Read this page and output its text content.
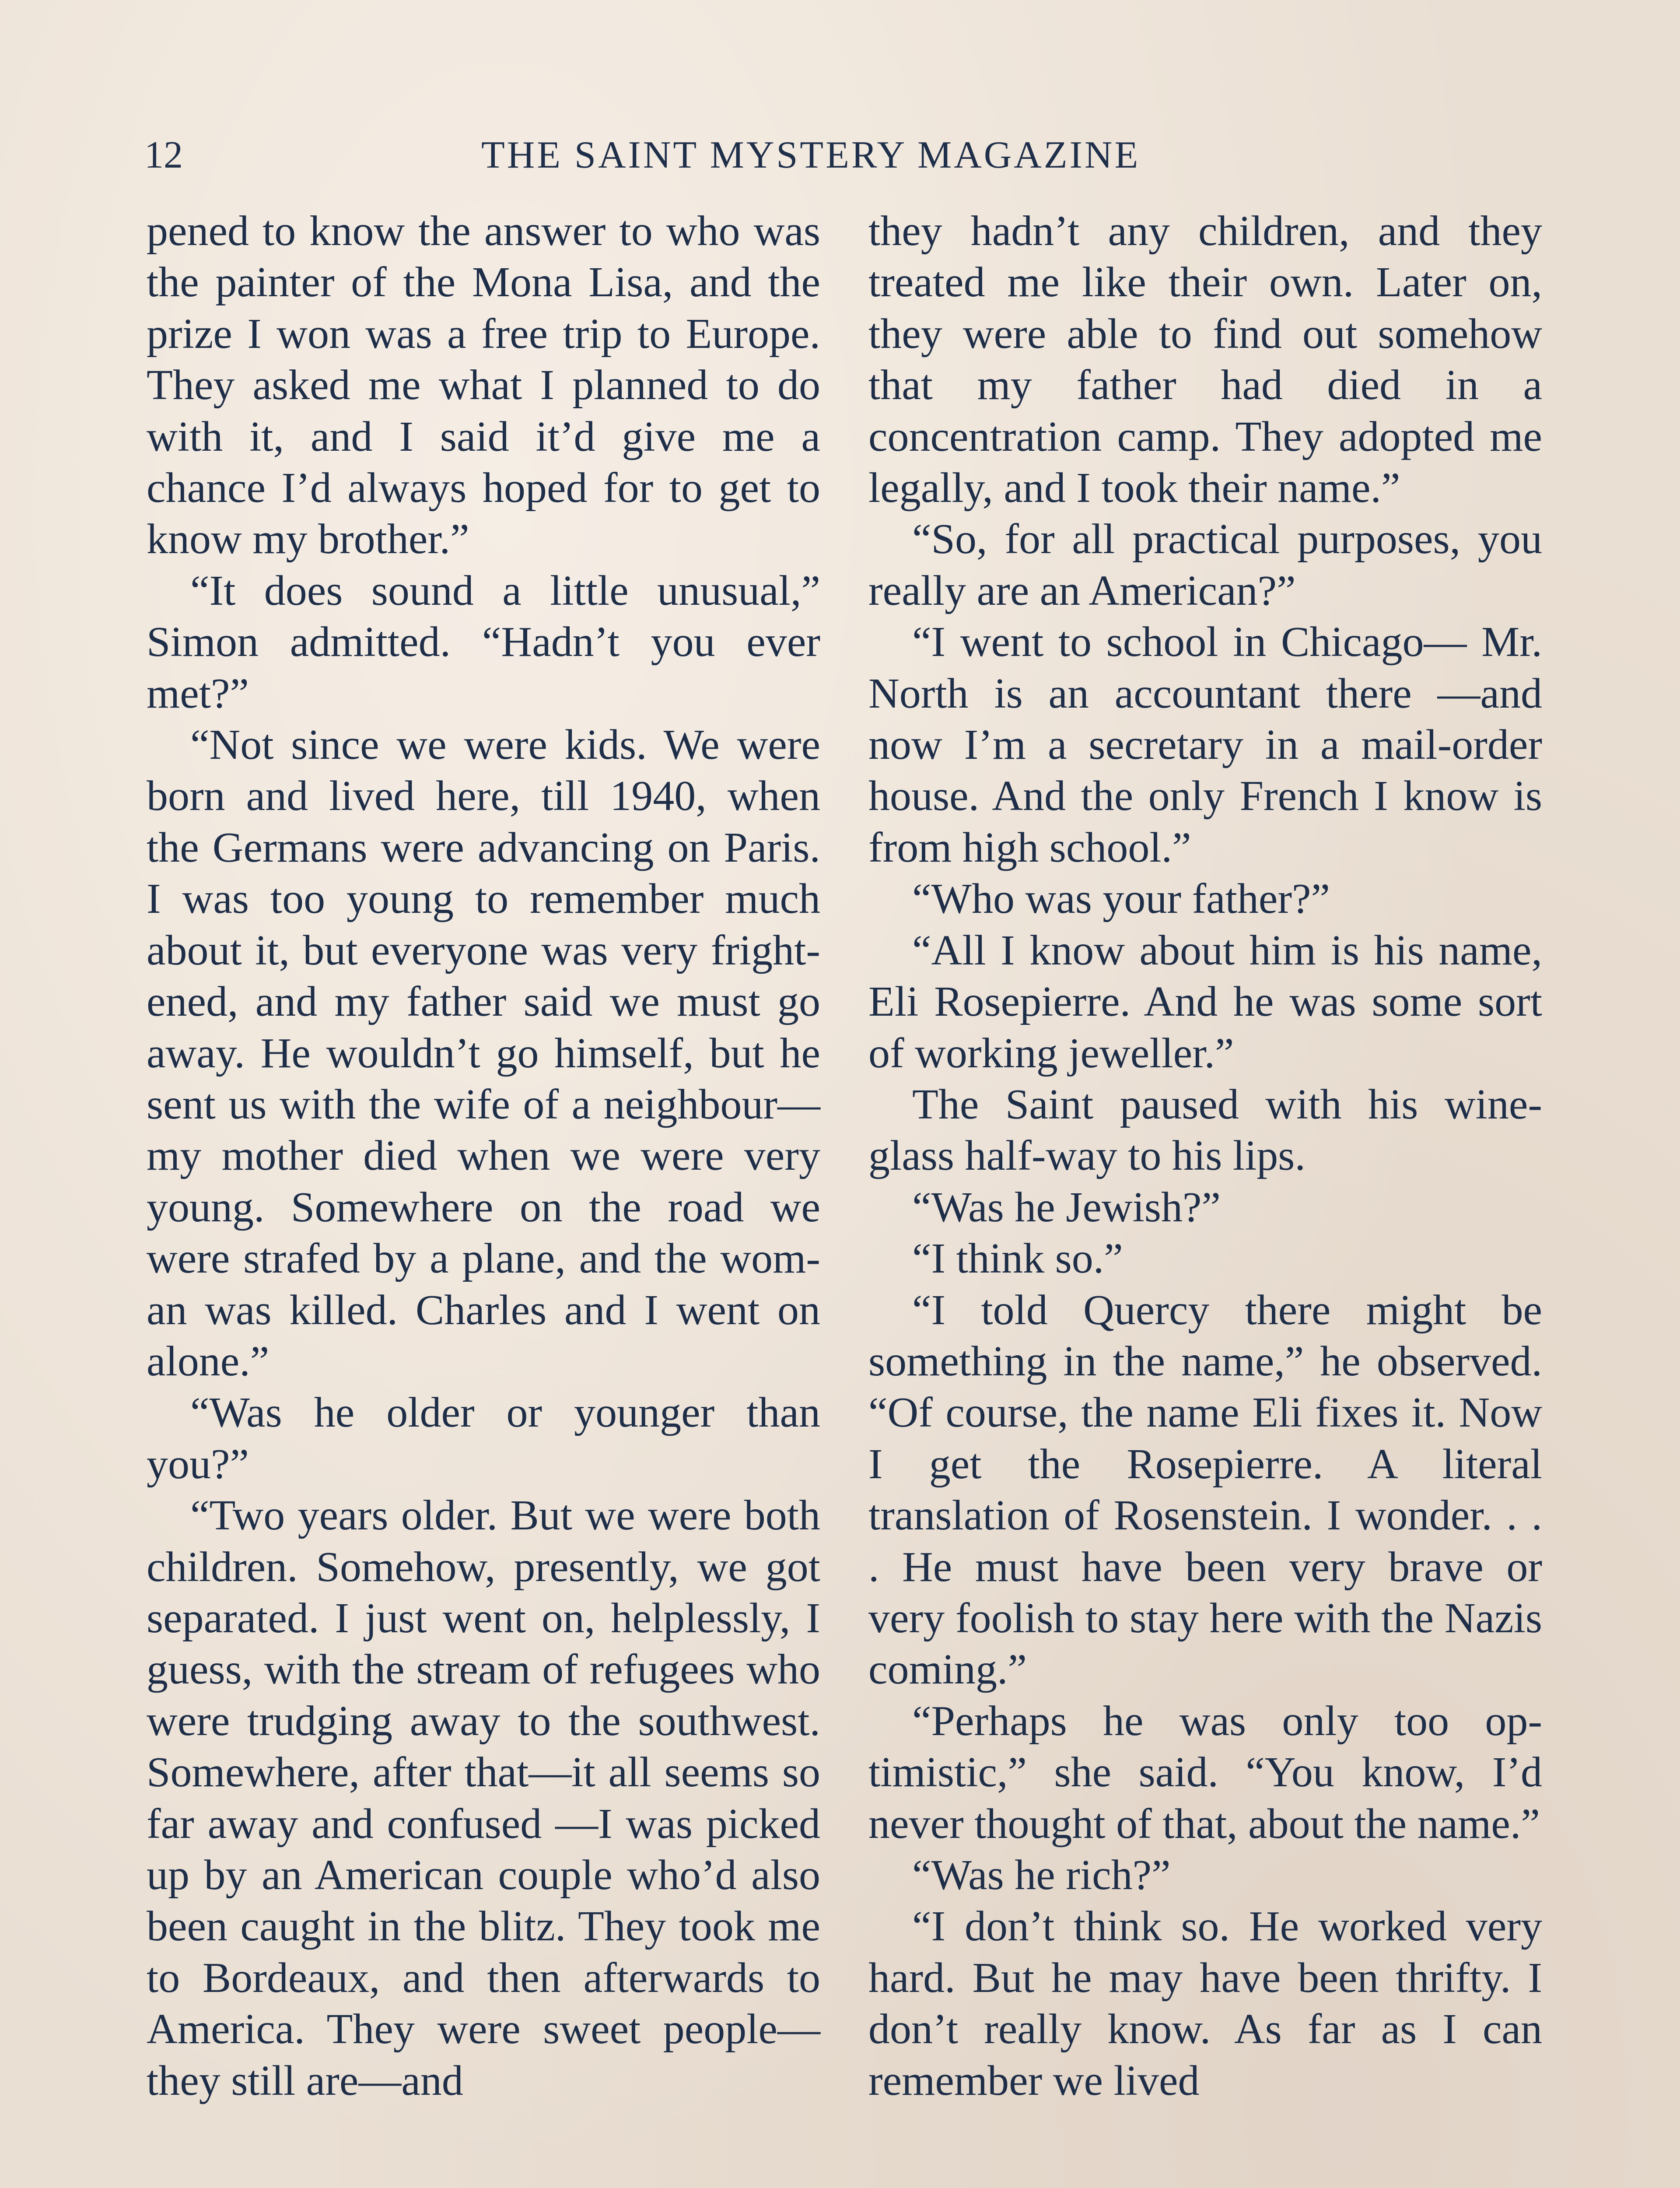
12	THE SAINT MYSTERY MAGAZINE

pened to know the answer to who was the painter of the Mona Lisa, and the prize I won was a free trip to Europe. They asked me what I planned to do with it, and I said it’d give me a chance I’d always hoped for to get to know my brother.”

“It does sound a little unusual,” Simon admitted. “Hadn’t you ever met?”

“Not since we were kids. We were born and lived here, till 1940, when the Germans were advancing on Paris. I was too young to remember much about it, but everyone was very frightened, and my father said we must go away. He wouldn’t go himself, but he sent us with the wife of a neighbour—my mother died when we were very young. Somewhere on the road we were strafed by a plane, and the woman was killed. Charles and I went on alone.”

“Was he older or younger than you?”

“Two years older. But we were both children. Somehow, presently, we got separated. I just went on, helplessly, I guess, with the stream of refugees who were trudging away to the southwest. Somewhere, after that—it all seems so far away and confused —I was picked up by an American couple who’d also been caught in the blitz. They took me to Bordeaux, and then afterwards to America. They were sweet people—they still are—and

they hadn’t any children, and they treated me like their own. Later on, they were able to find out somehow that my father had died in a concentration camp. They adopted me legally, and I took their name.”

“So, for all practical purposes, you really are an American?”

“I went to school in Chicago— Mr. North is an accountant there —and now I’m a secretary in a mail-order house. And the only French I know is from high school.”

“Who was your father?”

“All I know about him is his name, Eli Rosepierre. And he was some sort of working jeweller.”

The Saint paused with his wine-glass half-way to his lips.

“Was he Jewish?”

“I think so.”

“I told Quercy there might be something in the name,” he observed. “Of course, the name Eli fixes it. Now I get the Rosepierre. A literal translation of Rosenstein. I wonder. . . . He must have been very brave or very foolish to stay here with the Nazis coming.”

“Perhaps he was only too optimistic,” she said. “You know, I’d never thought of that, about the name.”

“Was he rich?”

“I don’t think so. He worked very hard. But he may have been thrifty. I don’t really know. As far as I can remember we lived
